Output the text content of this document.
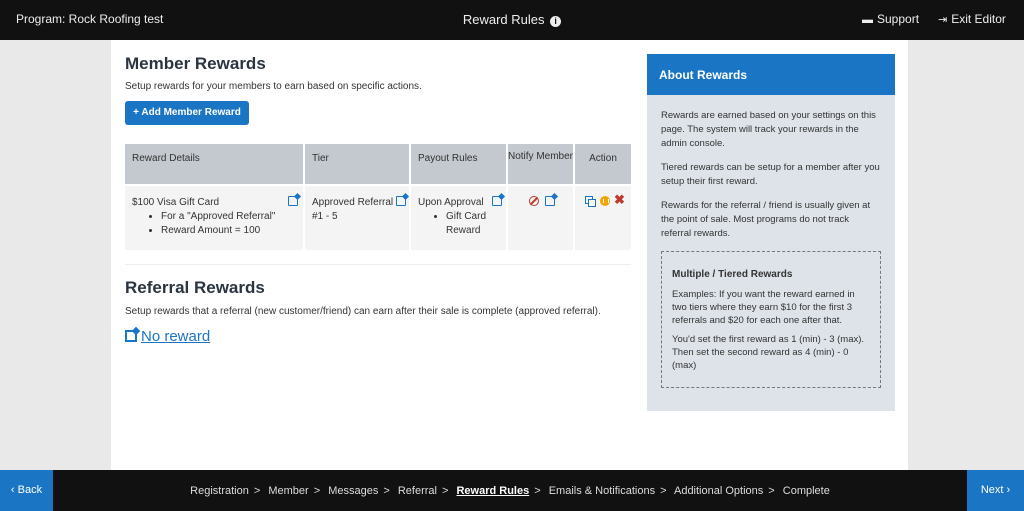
Program: Rock Roofing test	Reward Rules i	▬ Support ⇥ Exit Editor
Member Rewards
Setup rewards for your members to earn based on specific actions.
+ Add Member Reward
Reward Details	Tier	Payout Rules	Notify Member	Action
$100 Visa Gift Card
• For a "Approved Referral"
• Reward Amount = 100
Approved Referral #1 - 5
Upon Approval
• Gift Card Reward
✖
Referral Rewards
Setup rewards that a referral (new customer/friend) can earn after their sale is complete (approved referral).
No reward
About Rewards

Rewards are earned based on your settings on this page. The system will track your rewards in the admin console.

Tiered rewards can be setup for a member after you setup their first reward.

Rewards for the referral / friend is usually given at the point of sale. Most programs do not track referral rewards.

Multiple / Tiered Rewards

Examples: If you want the reward earned in two tiers where they earn $10 for the first 3 referrals and $20 for each one after that.

You'd set the first reward as 1 (min) - 3 (max). Then set the second reward as 4 (min) - 0 (max)

‹ Back	Registration > Member > Messages > Referral > Reward Rules > Emails & Notifications > Additional Options > Complete	Next ›
